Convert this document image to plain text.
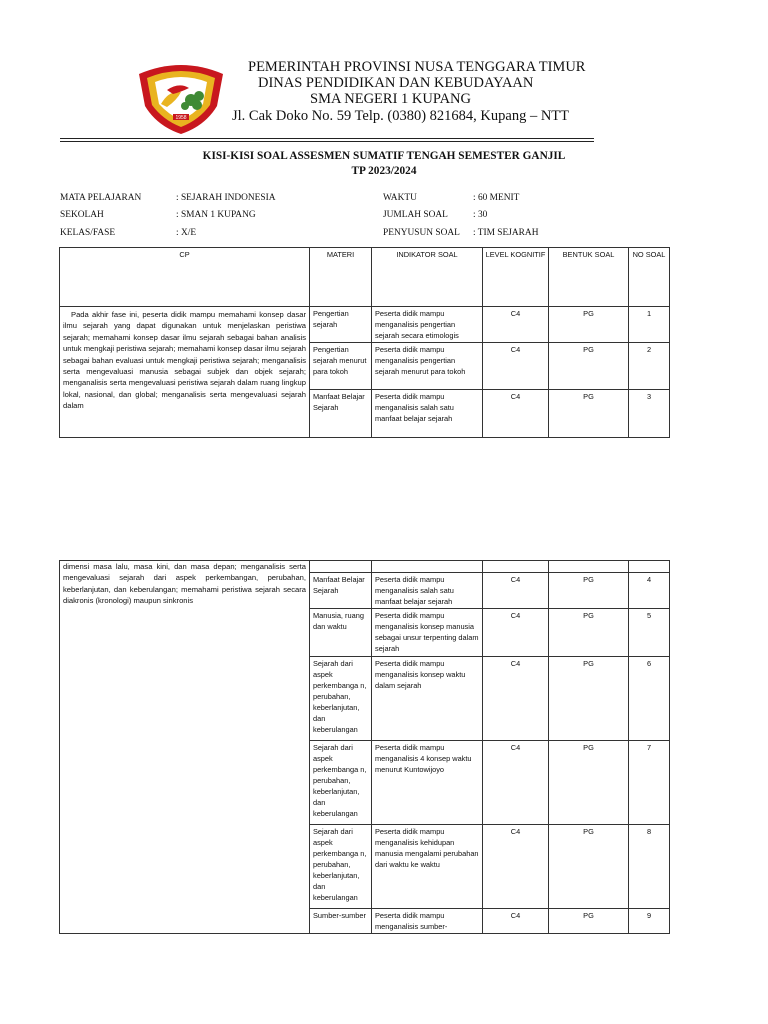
1958
PEMERINTAH PROVINSI NUSA TENGGARA TIMUR
DINAS PENDIDIKAN DAN KEBUDAYAAN
SMA NEGERI 1 KUPANG
Jl. Cak Doko No. 59 Telp. (0380) 821684, Kupang – NTT
KISI-KISI SOAL ASSESMEN SUMATIF TENGAH SEMESTER GANJIL
TP 2023/2024
MATA PELAJARAN	: SEJARAH INDONESIA
SEKOLAH	: SMAN 1 KUPANG
KELAS/FASE	: X/E
WAKTU	: 60 MENIT
JUMLAH SOAL	: 30
PENYUSUN SOAL : TIM SEJARAH
CP	MATERI	INDIKATOR SOAL	LEVEL KOGNITIF	BENTUK SOAL	NO SOAL
Pada akhir fase ini, peserta didik mampu memahami konsep dasar ilmu sejarah yang dapat digunakan untuk menjelaskan peristiwa sejarah; memahami konsep dasar ilmu sejarah sebagai bahan analisis untuk mengkaji peristiwa sejarah; memahami konsep dasar ilmu sejarah sebagai bahan evaluasi untuk mengkaji peristiwa sejarah; menganalisis serta mengevaluasi manusia sebagai subjek dan objek sejarah; menganalisis serta mengevaluasi peristiwa sejarah dalam ruang lingkup lokal, nasional, dan global; menganalisis serta mengevaluasi sejarah dalam	Pengertian sejarah	Peserta didik mampu menganalisis pengertian sejarah secara etimologis	C4	PG	1
	Pengertian sejarah menurut para tokoh	Peserta didik mampu menganalisis pengertian sejarah menurut para tokoh	C4	PG	2
	Manfaat Belajar Sejarah	Peserta didik mampu menganalisis salah satu manfaat belajar sejarah	C4	PG	3
dimensi masa lalu, masa kini, dan masa depan; menganalisis serta mengevaluasi sejarah dari aspek perkembangan, perubahan, keberlanjutan, dan keberulangan; memahami peristiwa sejarah secara diakronis (kronologi) maupun sinkronis					
	Manfaat Belajar Sejarah	Peserta didik mampu menganalisis salah satu manfaat belajar sejarah	C4	PG	4
	Manusia, ruang dan waktu	Peserta didik mampu menganalisis konsep manusia sebagai unsur terpenting dalam sejarah	C4	PG	5
	Sejarah dari aspek perkembanga n, perubahan, keberlanjutan, dan keberulangan	Peserta didik mampu menganalisis konsep waktu dalam sejarah	C4	PG	6
	Sejarah dari aspek perkembanga n, perubahan, keberlanjutan, dan keberulangan	Peserta didik mampu menganalisis 4 konsep waktu menurut Kuntowijoyo	C4	PG	7
	Sejarah dari aspek perkembanga n, perubahan, keberlanjutan, dan keberulangan	Peserta didik mampu menganalisis kehidupan manusia mengalami perubahan dari waktu ke waktu	C4	PG	8
	Sumber-sumber	Peserta didik mampu menganalisis sumber-	C4	PG	9
